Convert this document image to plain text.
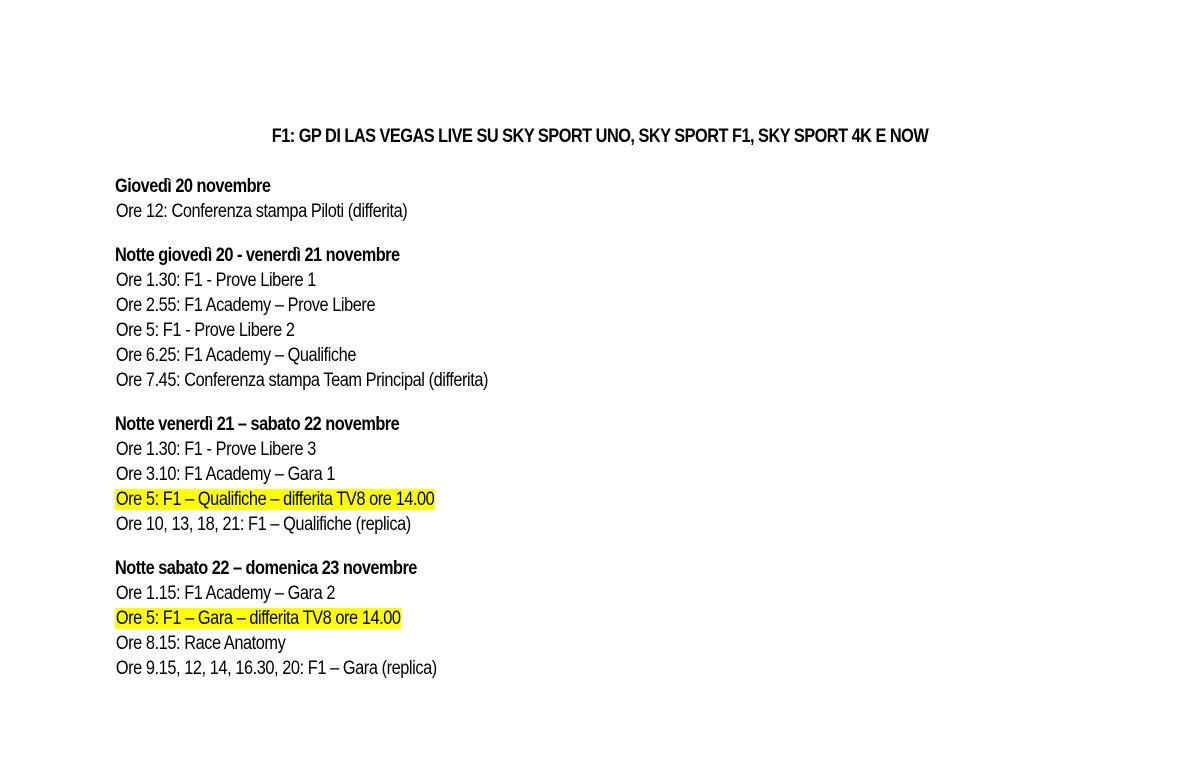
F1: GP DI LAS VEGAS LIVE SU SKY SPORT UNO, SKY SPORT F1, SKY SPORT 4K E NOW
Giovedì 20 novembre
Ore 12: Conferenza stampa Piloti (differita)
Notte giovedì 20 - venerdì 21 novembre
Ore 1.30: F1 - Prove Libere 1
Ore 2.55: F1 Academy – Prove Libere
Ore 5: F1 - Prove Libere 2
Ore 6.25: F1 Academy – Qualifiche
Ore 7.45: Conferenza stampa Team Principal (differita)
Notte venerdì 21 – sabato 22 novembre
Ore 1.30: F1 - Prove Libere 3
Ore 3.10: F1 Academy – Gara 1
Ore 5: F1 – Qualifiche – differita TV8 ore 14.00
Ore 10, 13, 18, 21: F1 – Qualifiche (replica)
Notte sabato 22 – domenica 23 novembre
Ore 1.15: F1 Academy – Gara 2
Ore 5: F1 – Gara – differita TV8 ore 14.00
Ore 8.15: Race Anatomy
Ore 9.15, 12, 14, 16.30, 20: F1 – Gara (replica)
